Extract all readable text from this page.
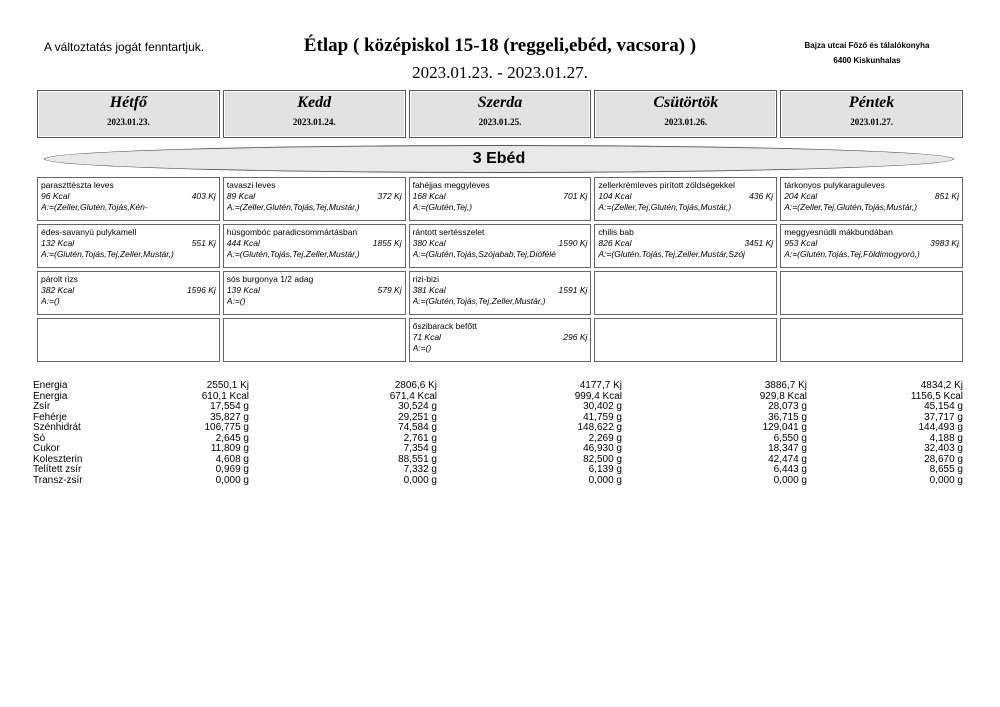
A változtatás jogát fenntartjuk.	Étlap ( középiskol 15-18 (reggeli,ebéd, vacsora) )
2023.01.23. - 2023.01.27.
Bajza utcai Főző és tálalókonyha
6400 Kiskunhalas
Hétfő
2023.01.23.
Kedd
2023.01.24.
Szerda
2023.01.25.
Csütörtök
2023.01.26.
Péntek
2023.01.27.
3 Ebéd
paraszttészta leves
96 Kcal	403 Kj
A:=(Zeller,Glutén,Tojás,Kén-
tavaszi leves
89 Kcal	372 Kj
A:=(Zeller,Glutén,Tojás,Tej,Mustár,)
fahéjjas meggyleves
168 Kcal	701 Kj
A:=(Glutén,Tej,)
zellerkrémleves pirított zöldségekkel
104 Kcal	436 Kj
A:=(Zeller,Tej,Glutén,Tojás,Mustár,)
tárkonyos pulykaraguleves
204 Kcal	851 Kj
A:=(Zeller,Tej,Glutén,Tojás,Mustár,)
édes-savanyú pulykamell
132 Kcal	551 Kj
A:=(Glutén,Tojás,Tej,Zeller,Mustár,)
húsgombóc paradicsommártásban
444 Kcal	1855 Kj
A:=(Glutén,Tojás,Tej,Zeller,Mustár,)
rántott sertésszelet
380 Kcal	1590 Kj
A:=(Glutén,Tojás,Szójabab,Tej,Diófélé
chilis bab
826 Kcal	3451 Kj
A:=(Glutén,Tojás,Tej,Zeller,Mustár,Szój
meggyesnúdli mákbundában
953 Kcal	3983 Kj
A:=(Glutén,Tojás,Tej,Földimogyoró,)
párolt rizs
382 Kcal	1596 Kj
A:=()
sós burgonya 1/2 adag
139 Kcal	579 Kj
A:=()
rizi-bizi
381 Kcal	1591 Kj
A:=(Glutén,Tojás,Tej,Zeller,Mustár,)
őszibarack befőtt
71 Kcal	296 Kj
A:=()
Energia	2550,1 Kj	2806,6 Kj	4177,7 Kj	3886,7 Kj	4834,2 Kj
Energia	610,1 Kcal	671,4 Kcal	999,4 Kcal	929,8 Kcal	1156,5 Kcal
Zsír	17,554 g	30,524 g	30,402 g	28,073 g	45,154 g
Fehérje	35,827 g	29,251 g	41,759 g	36,715 g	37,717 g
Szénhidrát	106,775 g	74,584 g	148,622 g	129,041 g	144,493 g
Só	2,645 g	2,761 g	2,269 g	6,550 g	4,188 g
Cukor	11,809 g	7,354 g	46,930 g	18,347 g	32,403 g
Koleszterin	4,608 g	88,551 g	82,500 g	42,474 g	28,670 g
Telített zsír	0,969 g	7,332 g	6,139 g	6,443 g	8,655 g
Transz-zsír	0,000 g	0,000 g	0,000 g	0,000 g	0,000 g
